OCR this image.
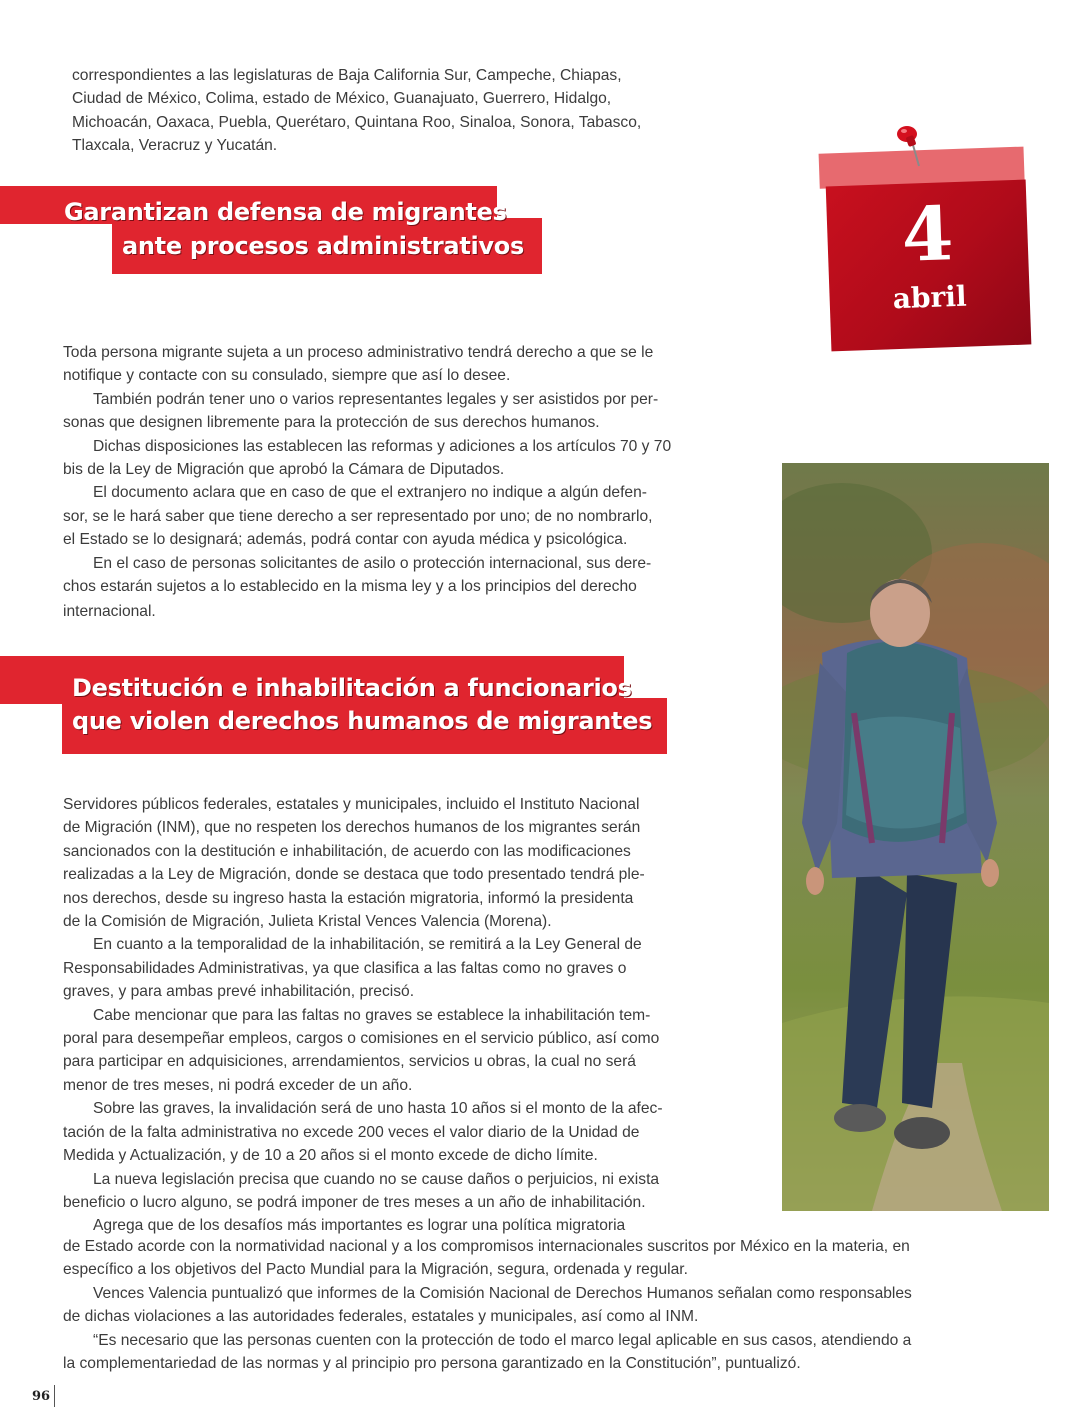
correspondientes a las legislaturas de Baja California Sur, Campeche, Chiapas,

Ciudad de México, Colima, estado de México, Guanajuato, Guerrero, Hidalgo,

Michoacán, Oaxaca, Puebla, Querétaro, Quintana Roo, Sinaloa, Sonora, Tabasco,

Tlaxcala, Veracruz y Yucatán.

4
abril
Garantizan defensa de migrantes
ante procesos administrativos

Toda persona migrante sujeta a un proceso administrativo tendrá derecho a que se le

notifique y contacte con su consulado, siempre que así lo desee.

También podrán tener uno o varios representantes legales y ser asistidos por per-

sonas que designen libremente para la protección de sus derechos humanos.

Dichas disposiciones las establecen las reformas y adiciones a los artículos 70 y 70

bis de la Ley de Migración que aprobó la Cámara de Diputados.

El documento aclara que en caso de que el extranjero no indique a algún defen-

sor, se le hará saber que tiene derecho a ser representado por uno; de no nombrarlo,

el Estado se lo designará; además, podrá contar con ayuda médica y psicológica.

En el caso de personas solicitantes de asilo o protección internacional, sus dere-

chos estarán sujetos a lo establecido en la misma ley y a los principios del derecho

internacional.

Destitución e inhabilitación a funcionarios
que violen derechos humanos de migrantes

Servidores públicos federales, estatales y municipales, incluido el Instituto Nacional

de Migración (INM), que no respeten los derechos humanos de los migrantes serán

sancionados con la destitución e inhabilitación, de acuerdo con las modificaciones

realizadas a la Ley de Migración, donde se destaca que todo presentado tendrá ple-

nos derechos, desde su ingreso hasta la estación migratoria, informó la presidenta

de la Comisión de Migración, Julieta Kristal Vences Valencia (Morena).

En cuanto a la temporalidad de la inhabilitación, se remitirá a la Ley General de

Responsabilidades Administrativas, ya que clasifica a las faltas como no graves o

graves, y para ambas prevé inhabilitación, precisó.

Cabe mencionar que para las faltas no graves se establece la inhabilitación tem-

poral para desempeñar empleos, cargos o comisiones en el servicio público, así como

para participar en adquisiciones, arrendamientos, servicios u obras, la cual no será

menor de tres meses, ni podrá exceder de un año.

Sobre las graves, la invalidación será de uno hasta 10 años si el monto de la afec-

tación de la falta administrativa no excede 200 veces el valor diario de la Unidad de

Medida y Actualización, y de 10 a 20 años si el monto excede de dicho límite.

La nueva legislación precisa que cuando no se cause daños o perjuicios, ni exista

beneficio o lucro alguno, se podrá imponer de tres meses a un año de inhabilitación.

Agrega que de los desafíos más importantes es lograr una política migratoria

de Estado acorde con la normatividad nacional y a los compromisos internacionales suscritos por México en la materia, en

específico a los objetivos del Pacto Mundial para la Migración, segura, ordenada y regular.

Vences Valencia puntualizó que informes de la Comisión Nacional de Derechos Humanos señalan como responsables

de dichas violaciones a las autoridades federales, estatales y municipales, así como al INM.

“Es necesario que las personas cuenten con la protección de todo el marco legal aplicable en sus casos, atendiendo a

la complementariedad de las normas y al principio pro persona garantizado en la Constitución”, puntualizó.

96
